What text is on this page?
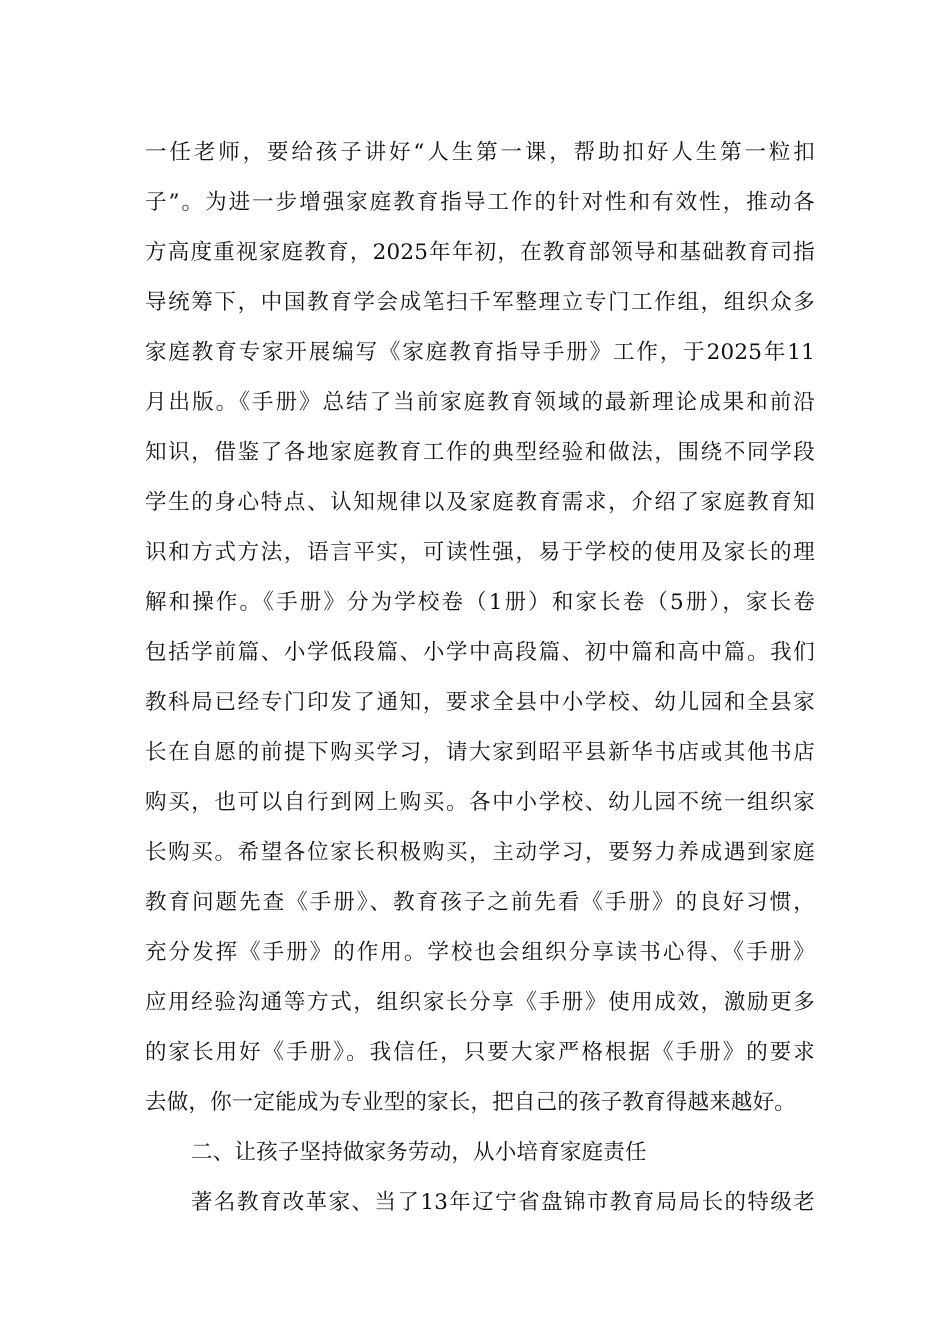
一任老师，要给孩子讲好“人生第一课，帮助扣好人生第一粒扣
子”。为进一步增强家庭教育指导工作的针对性和有效性，推动各
方高度重视家庭教育，2025年年初，在教育部领导和基础教育司指
导统筹下，中国教育学会成笔扫千军整理立专门工作组，组织众多
家庭教育专家开展编写《家庭教育指导手册》工作，于2025年11
月出版。《手册》总结了当前家庭教育领域的最新理论成果和前沿
知识，借鉴了各地家庭教育工作的典型经验和做法，围绕不同学段
学生的身心特点、认知规律以及家庭教育需求，介绍了家庭教育知
识和方式方法，语言平实，可读性强，易于学校的使用及家长的理
解和操作。《手册》分为学校卷（1册）和家长卷（5册），家长卷
包括学前篇、小学低段篇、小学中高段篇、初中篇和高中篇。我们
教科局已经专门印发了通知，要求全县中小学校、幼儿园和全县家
长在自愿的前提下购买学习，请大家到昭平县新华书店或其他书店
购买，也可以自行到网上购买。各中小学校、幼儿园不统一组织家
长购买。希望各位家长积极购买，主动学习，要努力养成遇到家庭
教育问题先查《手册》、教育孩子之前先看《手册》的良好习惯，
充分发挥《手册》的作用。学校也会组织分享读书心得、《手册》
应用经验沟通等方式，组织家长分享《手册》使用成效，激励更多
的家长用好《手册》。我信任，只要大家严格根据《手册》的要求
去做，你一定能成为专业型的家长，把自己的孩子教育得越来越好。
二、让孩子坚持做家务劳动，从小培育家庭责任
著名教育改革家、当了13年辽宁省盘锦市教育局局长的特级老
